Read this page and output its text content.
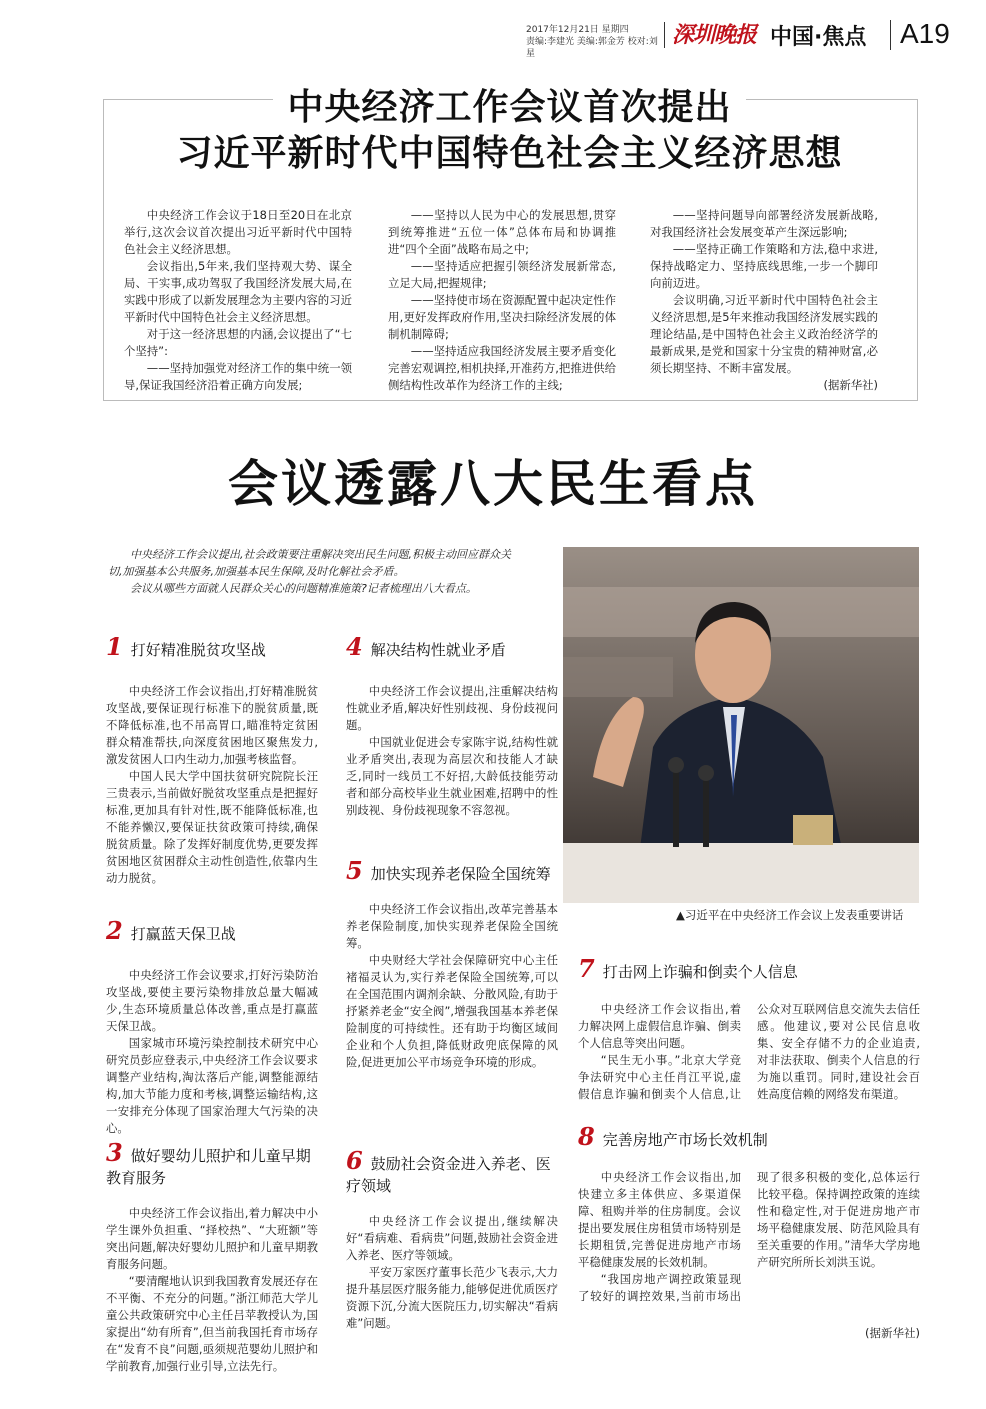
2017年12月21日 星期四
责编:李建光 美编:郭金芳 校对:刘星
深圳晚报 中国·焦点 A19
中央经济工作会议首次提出
习近平新时代中国特色社会主义经济思想

中央经济工作会议于18日至20日在北京举行,这次会议首次提出习近平新时代中国特色社会主义经济思想。

会议指出,5年来,我们坚持观大势、谋全局、干实事,成功驾驭了我国经济发展大局,在实践中形成了以新发展理念为主要内容的习近平新时代中国特色社会主义经济思想。

对于这一经济思想的内涵,会议提出了“七个坚持”:

——坚持加强党对经济工作的集中统一领导,保证我国经济沿着正确方向发展;

——坚持以人民为中心的发展思想,贯穿到统筹推进“五位一体”总体布局和协调推进“四个全面”战略布局之中;

——坚持适应把握引领经济发展新常态,立足大局,把握规律;

——坚持使市场在资源配置中起决定性作用,更好发挥政府作用,坚决扫除经济发展的体制机制障碍;

——坚持适应我国经济发展主要矛盾变化完善宏观调控,相机抉择,开准药方,把推进供给侧结构性改革作为经济工作的主线;

——坚持问题导向部署经济发展新战略,对我国经济社会发展变革产生深远影响;

——坚持正确工作策略和方法,稳中求进,保持战略定力、坚持底线思维,一步一个脚印向前迈进。

会议明确,习近平新时代中国特色社会主义经济思想,是5年来推动我国经济发展实践的理论结晶,是中国特色社会主义政治经济学的最新成果,是党和国家十分宝贵的精神财富,必须长期坚持、不断丰富发展。

(据新华社)

会议透露八大民生看点

中央经济工作会议提出,社会政策要注重解决突出民生问题,积极主动回应群众关切,加强基本公共服务,加强基本民生保障,及时化解社会矛盾。

会议从哪些方面就人民群众关心的问题精准施策?记者梳理出八大看点。

▲习近平在中央经济工作会议上发表重要讲话
1 打好精准脱贫攻坚战

中央经济工作会议指出,打好精准脱贫攻坚战,要保证现行标准下的脱贫质量,既不降低标准,也不吊高胃口,瞄准特定贫困群众精准帮扶,向深度贫困地区聚焦发力,激发贫困人口内生动力,加强考核监督。

中国人民大学中国扶贫研究院院长汪三贵表示,当前做好脱贫攻坚重点是把握好标准,更加具有针对性,既不能降低标准,也不能养懒汉,要保证扶贫政策可持续,确保脱贫质量。除了发挥好制度优势,更要发挥贫困地区贫困群众主动性创造性,依靠内生动力脱贫。

2 打赢蓝天保卫战

中央经济工作会议要求,打好污染防治攻坚战,要使主要污染物排放总量大幅减少,生态环境质量总体改善,重点是打赢蓝天保卫战。

国家城市环境污染控制技术研究中心研究员彭应登表示,中央经济工作会议要求调整产业结构,淘汰落后产能,调整能源结构,加大节能力度和考核,调整运输结构,这一安排充分体现了国家治理大气污染的决心。

3 做好婴幼儿照护和儿童早期教育服务

中央经济工作会议指出,着力解决中小学生课外负担重、“择校热”、“大班额”等突出问题,解决好婴幼儿照护和儿童早期教育服务问题。

“要清醒地认识到我国教育发展还存在不平衡、不充分的问题。”浙江师范大学儿童公共政策研究中心主任吕苹教授认为,国家提出“幼有所育”,但当前我国托育市场存在“发育不良”问题,亟须规范婴幼儿照护和学前教育,加强行业引导,立法先行。

4 解决结构性就业矛盾

中央经济工作会议提出,注重解决结构性就业矛盾,解决好性别歧视、身份歧视问题。

中国就业促进会专家陈宇说,结构性就业矛盾突出,表现为高层次和技能人才缺乏,同时一线员工不好招,大龄低技能劳动者和部分高校毕业生就业困难,招聘中的性别歧视、身份歧视现象不容忽视。

5 加快实现养老保险全国统筹

中央经济工作会议指出,改革完善基本养老保险制度,加快实现养老保险全国统筹。

中央财经大学社会保障研究中心主任褚福灵认为,实行养老保险全国统筹,可以在全国范围内调剂余缺、分散风险,有助于抒紧养老金“安全阀”,增强我国基本养老保险制度的可持续性。还有助于均衡区域间企业和个人负担,降低财政兜底保障的风险,促进更加公平市场竞争环境的形成。

6 鼓励社会资金进入养老、医疗领域

中央经济工作会议提出,继续解决好“看病难、看病贵”问题,鼓励社会资金进入养老、医疗等领域。

平安万家医疗董事长范少飞表示,大力提升基层医疗服务能力,能够促进优质医疗资源下沉,分流大医院压力,切实解决“看病难”问题。

7 打击网上诈骗和倒卖个人信息

中央经济工作会议指出,着力解决网上虚假信息诈骗、倒卖个人信息等突出问题。

“民生无小事。”北京大学竞争法研究中心主任肖江平说,虚假信息诈骗和倒卖个人信息,让公众对互联网信息交流失去信任感。他建议,要对公民信息收集、安全存储不力的企业追责,对非法获取、倒卖个人信息的行为施以重罚。同时,建设社会百姓高度信赖的网络发布渠道。

8 完善房地产市场长效机制

中央经济工作会议指出,加快建立多主体供应、多渠道保障、租购并举的住房制度。会议提出要发展住房租赁市场特别是长期租赁,完善促进房地产市场平稳健康发展的长效机制。

“我国房地产调控政策显现了较好的调控效果,当前市场出现了很多积极的变化,总体运行比较平稳。保持调控政策的连续性和稳定性,对于促进房地产市场平稳健康发展、防范风险具有至关重要的作用。”清华大学房地产研究所所长刘洪玉说。

(据新华社)
